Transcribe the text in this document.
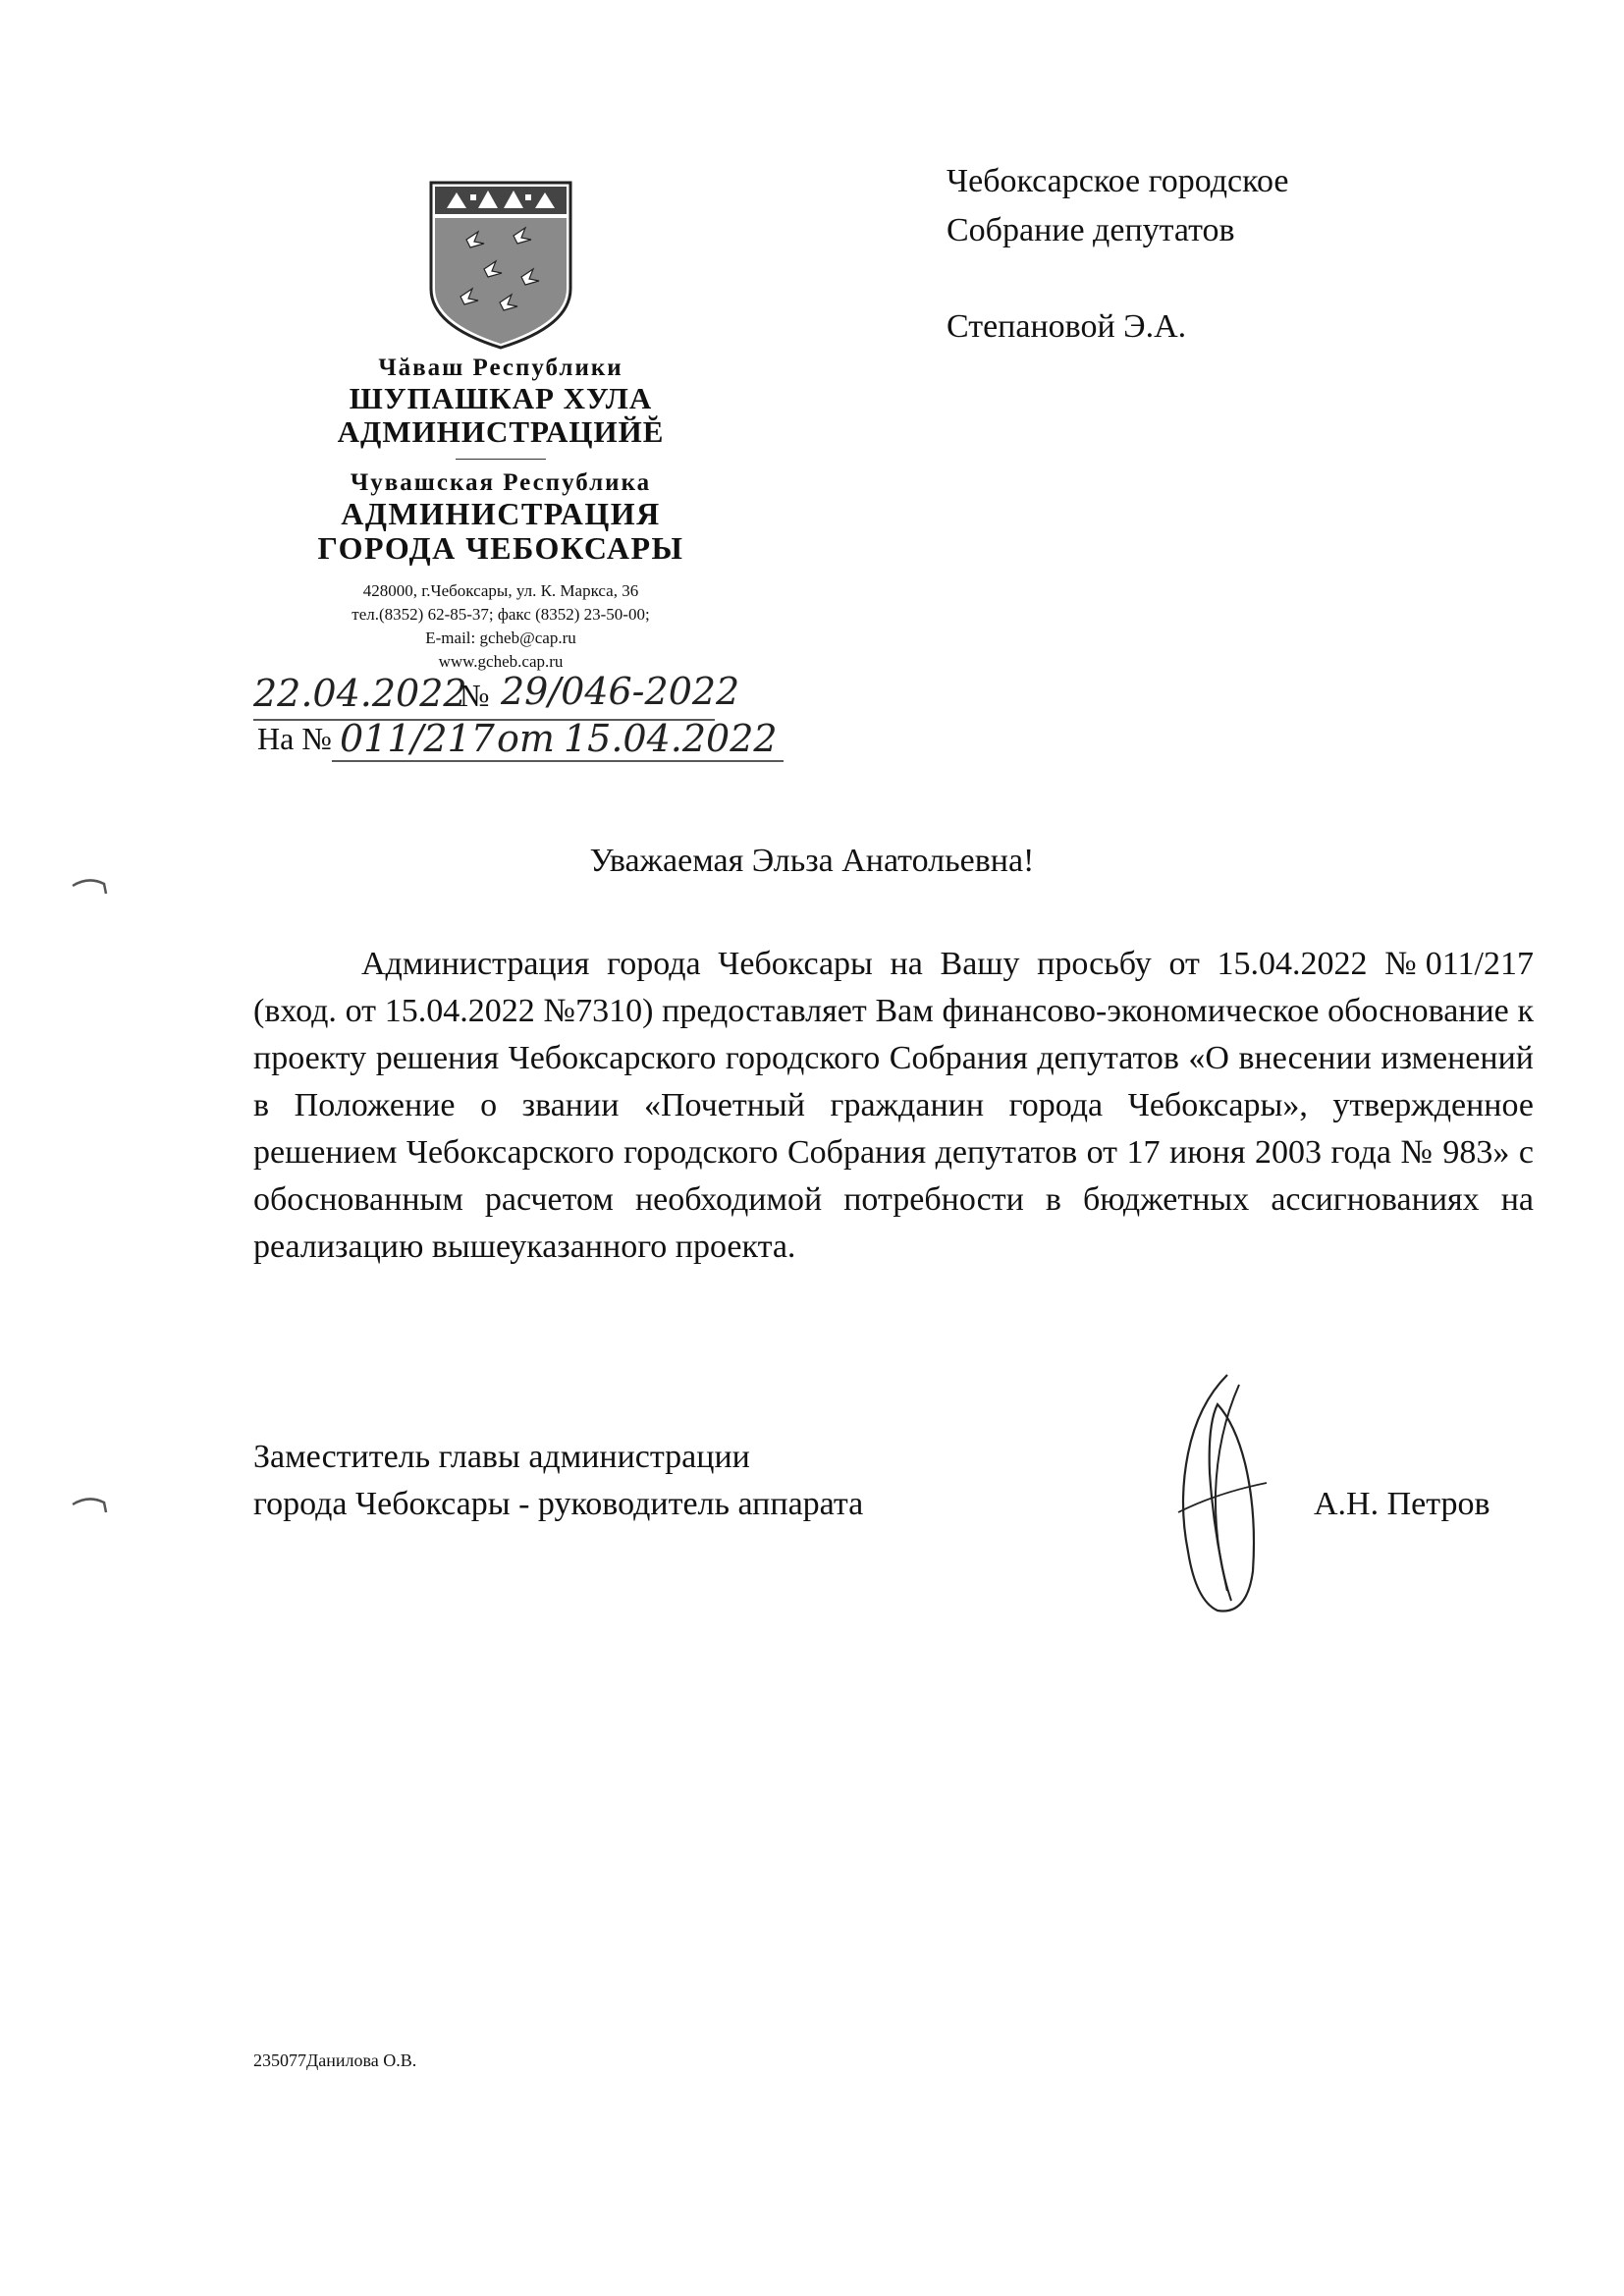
Чăваш Республики
ШУПАШКАР ХУЛА
АДМИНИСТРАЦИЙĔ
Чувашская Республика
АДМИНИСТРАЦИЯ
ГОРОДА ЧЕБОКСАРЫ
428000, г.Чебоксары, ул. К. Маркса, 36
тел.(8352) 62-85-37; факс (8352) 23-50-00;
E-mail: gcheb@cap.ru
www.gcheb.cap.ru
22.04.2022
№ 29/046-2022
На № 011/217 от 15.04.2022
Чебоксарское городское
Собрание депутатов
Степановой Э.А.
Уважаемая Эльза Анатольевна!
Администрация города Чебоксары на Вашу просьбу от 15.04.2022 №011/217 (вход. от 15.04.2022 №7310) предоставляет Вам финансово-экономическое обоснование к проекту решения Чебоксарского городского Собрания депутатов «О внесении изменений в Положение о звании «Почетный гражданин города Чебоксары», утвержденное решением Чебоксарского городского Собрания депутатов от 17 июня 2003 года № 983» с обоснованным расчетом необходимой потребности в бюджетных ассигнованиях на реализацию вышеуказанного проекта.
Заместитель главы администрации
города Чебоксары - руководитель аппарата	А.Н. Петров
235077Данилова О.В.
